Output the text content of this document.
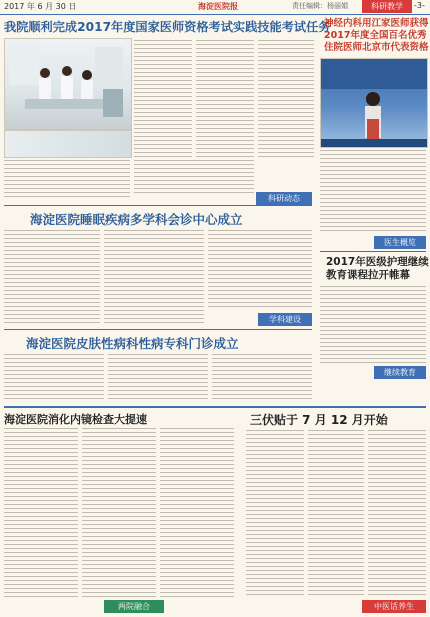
2017 年 6 月 30 日	海淀医院报	责任编辑：杨丽娟	科研教学	-3-
我院顺利完成2017年度国家医师资格考试实践技能考试任务
科研动态
神经内科用江家医师获得
2017年度全国百名优秀
住院医师北京市代表资格
医生概览
海淀医院睡眠疾病多学科会诊中心成立
学科建设
2017年医级护理继续
教育课程拉开帷幕
继续教育
海淀医院皮肤性病科性病专科门诊成立
海淀医院消化内镜检查大提速
两院融合
三伏贴于 7 月 12 月开始
中医话养生
